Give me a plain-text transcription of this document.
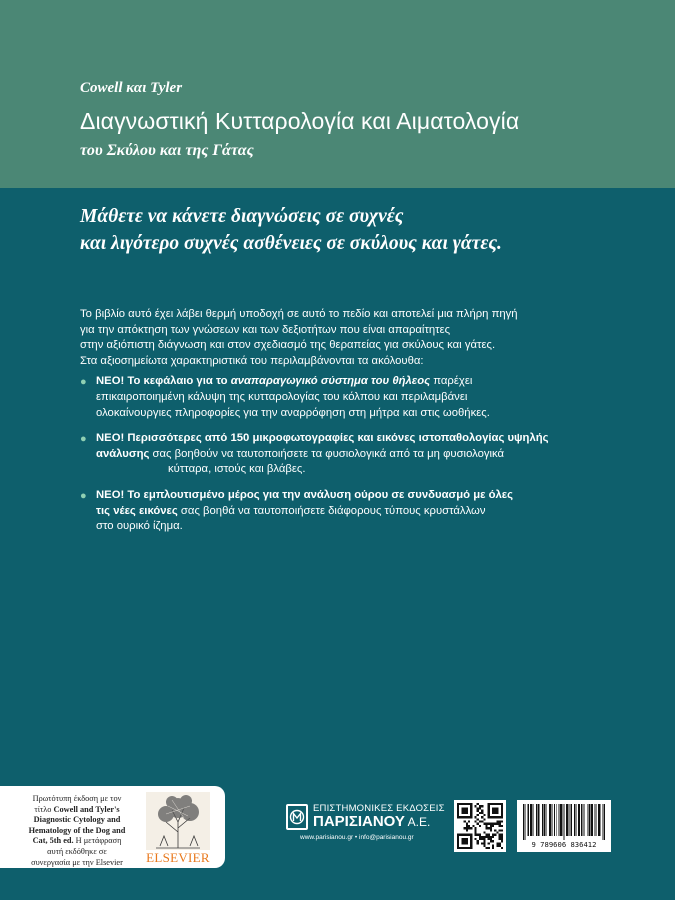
Cowell και Tyler
Διαγνωστική Κυτταρολογία και Αιματολογία
του Σκύλου και της Γάτας
Μάθετε να κάνετε διαγνώσεις σε συχνές
και λιγότερο συχνές ασθένειες σε σκύλους και γάτες.
Το βιβλίο αυτό έχει λάβει θερμή υποδοχή σε αυτό το πεδίο και αποτελεί μια πλήρη πηγή
για την απόκτηση των γνώσεων και των δεξιοτήτων που είναι απαραίτητες
στην αξιόπιστη διάγνωση και στον σχεδιασμό της θεραπείας για σκύλους και γάτες.
Στα αξιοσημείωτα χαρακτηριστικά του περιλαμβάνονται τα ακόλουθα:
● ΝΕΟ! Το κεφάλαιο για το αναπαραγωγικό σύστημα του θήλεος παρέχει
επικαιροποιημένη κάλυψη της κυτταρολογίας του κόλπου και περιλαμβάνει
ολοκαίνουργιες πληροφορίες για την αναρρόφηση στη μήτρα και στις ωοθήκες.
● ΝΕΟ! Περισσότερες από 150 μικροφωτογραφίες και εικόνες ιστοπαθολογίας υψηλής
ανάλυσης σας βοηθούν να ταυτοποιήσετε τα φυσιολογικά από τα μη φυσιολογικά
κύτταρα, ιστούς και βλάβες.
● ΝΕΟ! Το εμπλουτισμένο μέρος για την ανάλυση ούρου σε συνδυασμό με όλες
τις νέες εικόνες σας βοηθά να ταυτοποιήσετε διάφορους τύπους κρυστάλλων
στο ουρικό ίζημα.
Πρωτότυπη έκδοση με τον
τίτλο Cowell and Tyler's
Diagnostic Cytology and
Hematology of the Dog and
Cat, 5th ed. Η μετάφραση
αυτή εκδόθηκε σε
συνεργασία με την Elsevier	ELSEVIER
ΕΠΙΣΤΗΜΟΝΙΚΕΣ ΕΚΔΟΣΕΙΣ
ΠΑΡΙΣΙΑΝΟΥ Α.Ε.
www.parisianou.gr • info@parisianou.gr
9 789606 836412
